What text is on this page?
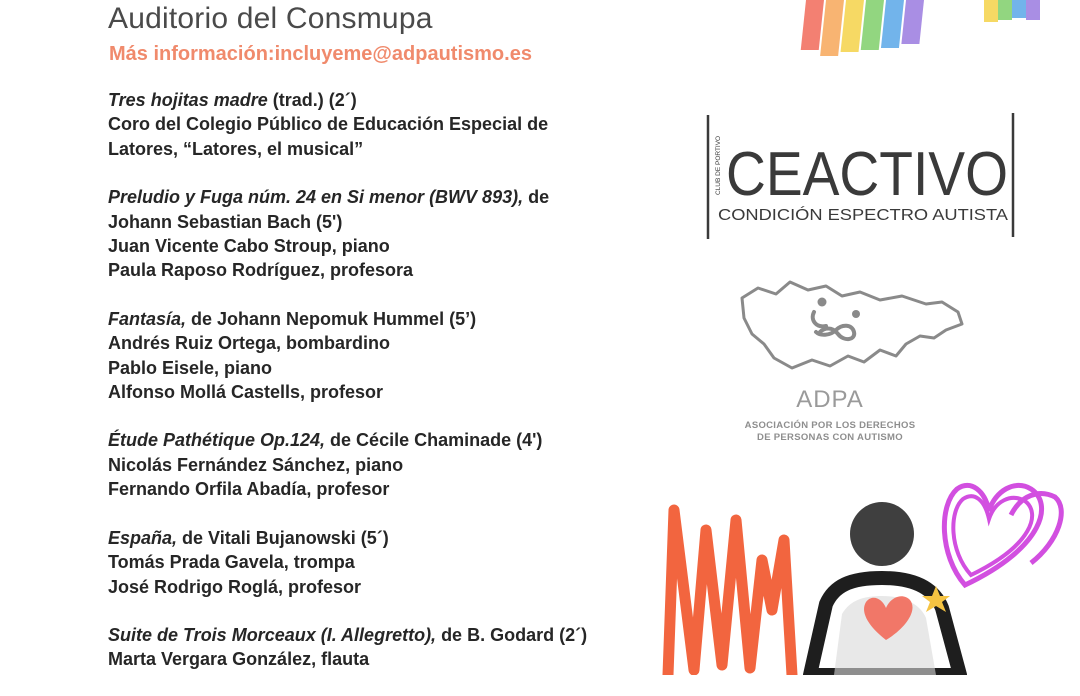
Auditorio del Consmupa
Más información:incluyeme@adpautismo.es
Tres hojitas madre (trad.) (2´)
Coro del Colegio Público de Educación Especial de
Latores, “Latores, el musical”
Preludio y Fuga núm. 24 en Si menor (BWV 893), de
Johann Sebastian Bach (5')
Juan Vicente Cabo Stroup, piano
Paula Raposo Rodríguez, profesora
Fantasía, de Johann Nepomuk Hummel (5’)
Andrés Ruiz Ortega, bombardino
Pablo Eisele, piano
Alfonso Mollá Castells, profesor
Étude Pathétique Op.124, de Cécile Chaminade (4')
Nicolás Fernández Sánchez, piano
Fernando Orfila Abadía, profesor
España, de Vitali Bujanowski (5´)
Tomás Prada Gavela, trompa
José Rodrigo Roglá, profesor
Suite de Trois Morceaux (I. Allegretto), de B. Godard (2´)
Marta Vergara González, flauta
CLUB DE PORTIVO CEACTIVO
CONDICIÓN ESPECTRO AUTISTA
ADPA
ASOCIACIÓN POR LOS DERECHOS
DE PERSONAS CON AUTISMO
